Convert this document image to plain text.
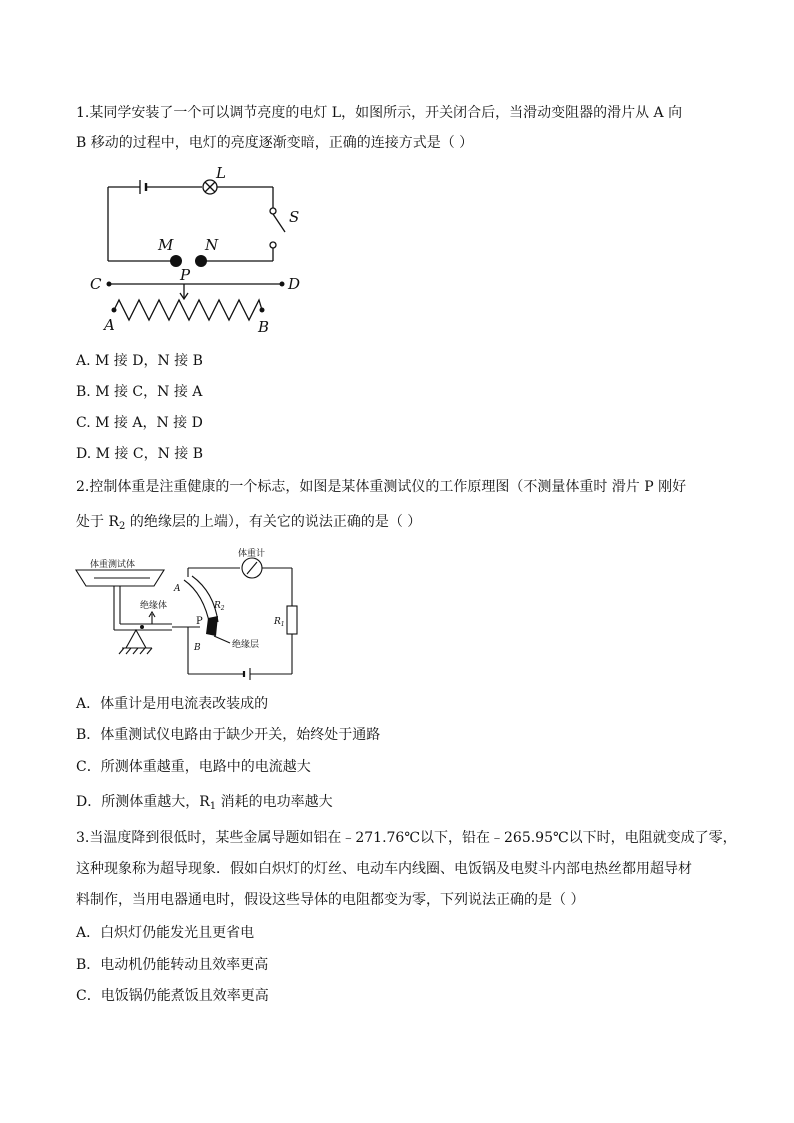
1.某同学安装了一个可以调节亮度的电灯 L，如图所示，开关闭合后，当滑动变阻器的滑片从 A 向
B 移动的过程中，电灯的亮度逐渐变暗，正确的连接方式是（ ）
L
S
M N
C	D
P
A	B
A. M 接 D，N 接 B
B. M 接 C，N 接 A
C. M 接 A，N 接 D
D. M 接 C，N 接 B
2.控制体重是注重健康的一个标志，如图是某体重测试仪的工作原理图（不测量体重时 滑片 P 刚好
处于 $R_2$ 的绝缘层的上端），有关它的说法正确的是（ ）
体重测试体
绝缘体
体重计
绝缘层
P
A
B
$R_2$
$R_1$
A．体重计是用电流表改装成的
B．体重测试仪电路由于缺少开关，始终处于通路
C．所测体重越重，电路中的电流越大
D．所测体重越大，$R_1$ 消耗的电功率越大
3.当温度降到很低时，某些金属导题如铝在﹣271.76℃以下，铅在﹣265.95℃以下时，电阻就变成了零，
这种现象称为超导现象．假如白炽灯的灯丝、电动车内线圈、电饭锅及电熨斗内部电热丝都用超导材
料制作，当用电器通电时，假设这些导体的电阻都变为零，下列说法正确的是（ ）
A．白炽灯仍能发光且更省电
B．电动机仍能转动且效率更高
C．电饭锅仍能煮饭且效率更高
